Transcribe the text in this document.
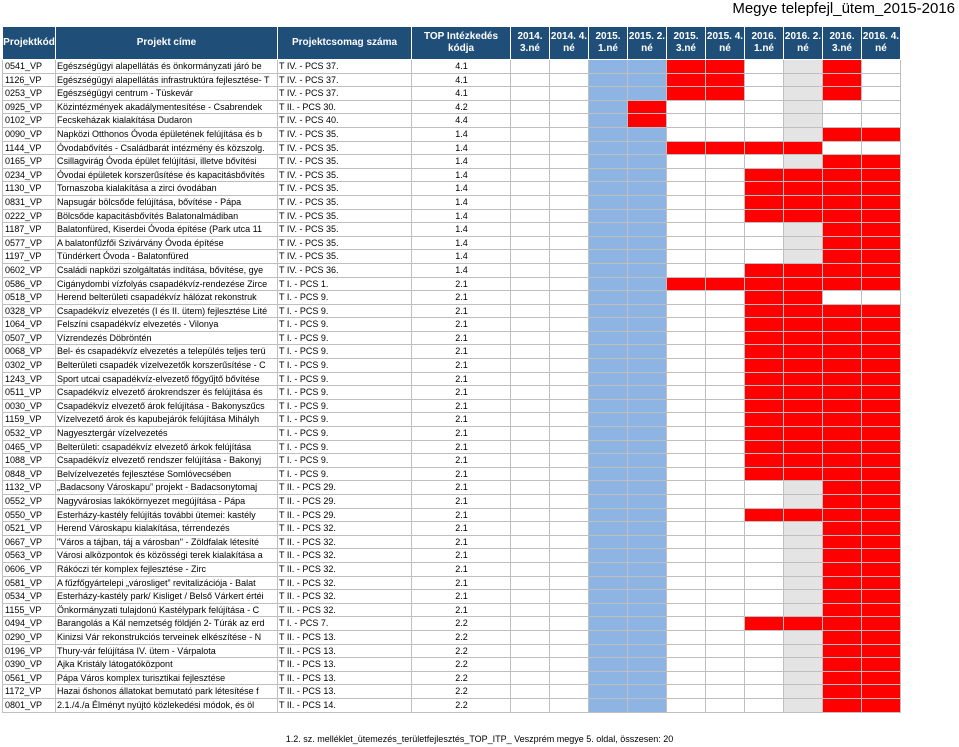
Megye telepfejl_ütem_2015-2016
Projektkód	Projekt címe	Projektcsomag száma	TOP Intézkedés kódja	2014. 3.né	2014. 4. né	2015. 1.né	2015. 2. né	2015. 3.né	2015. 4. né	2016. 1.né	2016. 2. né	2016. 3.né	2016. 4. né
0541_VP	Egészségügyi alapellátás és önkormányzati járó be	T IV. - PCS 37.	4.1										
1126_VP	Egészségügyi alapellátás infrastruktúra fejlesztése- T	T IV. - PCS 37.	4.1										
0253_VP	Egészségügyi centrum - Tüskevár	T IV. - PCS 37.	4.1										
0925_VP	Közintézmények akadálymentesítése - Csabrendek	T II. - PCS 30.	4.2										
0102_VP	Fecskeházak kialakítása Dudaron	T IV. - PCS 40.	4.4										
0090_VP	Napközi Otthonos Óvoda épületének felújítása és b	T IV. - PCS 35.	1.4										
1144_VP	Óvodabővítés - Családbarát intézmény és közszolg.	T IV. - PCS 35.	1.4										
0165_VP	Csillagvirág Óvoda épület felújítási, illetve bővítési	T IV. - PCS 35.	1.4										
0234_VP	Óvodai épületek korszerűsítése és kapacitásbővítés	T IV. - PCS 35.	1.4										
1130_VP	Tornaszoba kialakítása a zirci óvodában	T IV. - PCS 35.	1.4										
0831_VP	Napsugár bölcsőde felújítása, bővítése - Pápa	T IV. - PCS 35.	1.4										
0222_VP	Bölcsőde kapacitásbővítés Balatonalmádiban	T IV. - PCS 35.	1.4										
1187_VP	Balatonfüred, Kiserdei Óvoda építése (Park utca 11	T IV. - PCS 35.	1.4										
0577_VP	A balatonfűzfői Szivárvány Óvoda építése	T IV. - PCS 35.	1.4										
1197_VP	Tündérkert Óvoda - Balatonfüred	T IV. - PCS 35.	1.4										
0602_VP	Családi napközi szolgáltatás indítása, bővítése, gye	T IV. - PCS 36.	1.4										
0586_VP	Cigánydombi vízfolyás csapadékvíz-rendezése Zirce	T I. - PCS 1.	2.1										
0518_VP	Herend belterületi csapadékvíz hálózat rekonstruk	T I. - PCS 9.	2.1										
0328_VP	Csapadékvíz elvezetés (I és II. ütem) fejlesztése Lité	T I. - PCS 9.	2.1										
1064_VP	Felszíni csapadékvíz elvezetés - Vilonya	T I. - PCS 9.	2.1										
0507_VP	Vízrendezés Döbröntén	T I. - PCS 9.	2.1										
0068_VP	Bel- és csapadékvíz elvezetés a település teljes terü	T I. - PCS 9.	2.1										
0302_VP	Belterületi csapadék vízelvezetők korszerűsítése - C	T I. - PCS 9.	2.1										
1243_VP	Sport utcai csapadékvíz-elvezető főgyűjtő bővítése	T I. - PCS 9.	2.1										
0511_VP	Csapadékvíz elvezető árokrendszer és felújítása és	T I. - PCS 9.	2.1										
0030_VP	Csapadékvíz elvezető árok felújítása - Bakonyszűcs	T I. - PCS 9.	2.1										
1159_VP	Vízelvezető árok és kapubejárók felújítása Mihályh	T I. - PCS 9.	2.1										
0532_VP	Nagyesztergár vízelvezetés	T I. - PCS 9.	2.1										
0465_VP	Belterületi: csapadékvíz elvezető árkok felújítása	T I. - PCS 9.	2.1										
1088_VP	Csapadékvíz elvezető rendszer felújítása - Bakonyj	T I. - PCS 9.	2.1										
0848_VP	Belvízelvezetés fejlesztése Somlóvecsében	T I. - PCS 9.	2.1										
1132_VP	„Badacsony Városkapu” projekt - Badacsonytomaj	T II. - PCS 29.	2.1										
0552_VP	Nagyvárosias lakókörnyezet megújítása - Pápa	T II. - PCS 29.	2.1										
0550_VP	Esterházy-kastély felújítás további ütemei: kastély	T II. - PCS 29.	2.1										
0521_VP	Herend Városkapu kialakítása, térrendezés	T II. - PCS 32.	2.1										
0667_VP	"Város a tájban, táj a városban" - Zöldfalak létesíté	T II. - PCS 32.	2.1										
0563_VP	Városi alközpontok és közösségi terek kialakítása a	T II. - PCS 32.	2.1										
0606_VP	Rákóczi tér komplex fejlesztése - Zirc	T II. - PCS 32.	2.1										
0581_VP	A fűzfőgyártelepi „városliget” revitalizációja - Balat	T II. - PCS 32.	2.1										
0534_VP	Esterházy-kastély park/ Kisliget / Belső Várkert értéi	T II. - PCS 32.	2.1										
1155_VP	Önkormányzati tulajdonú Kastélypark felújítása - C	T II. - PCS 32.	2.1										
0494_VP	Barangolás a Kál nemzetség földjén 2- Túrák az erd	T I. - PCS 7.	2.2										
0290_VP	Kinizsi Vár rekonstrukciós terveinek elkészítése - N	T II. - PCS 13.	2.2										
0196_VP	Thury-vár felújítása IV. ütem - Várpalota	T II. - PCS 13.	2.2										
0390_VP	Ajka Kristály látogatóközpont	T II. - PCS 13.	2.2										
0561_VP	Pápa Város komplex turisztikai fejlesztése	T II. - PCS 13.	2.2										
1172_VP	Hazai őshonos állatokat bemutató park létesítése f	T II. - PCS 13.	2.2										
0801_VP	2.1./4./a Élményt nyújtó közlekedési módok, és öl	T II. - PCS 14.	2.2										
1.2. sz. melléklet_ütemezés_területfejlesztés_TOP_ITP_ Veszprém megye 5. oldal, összesen: 20
